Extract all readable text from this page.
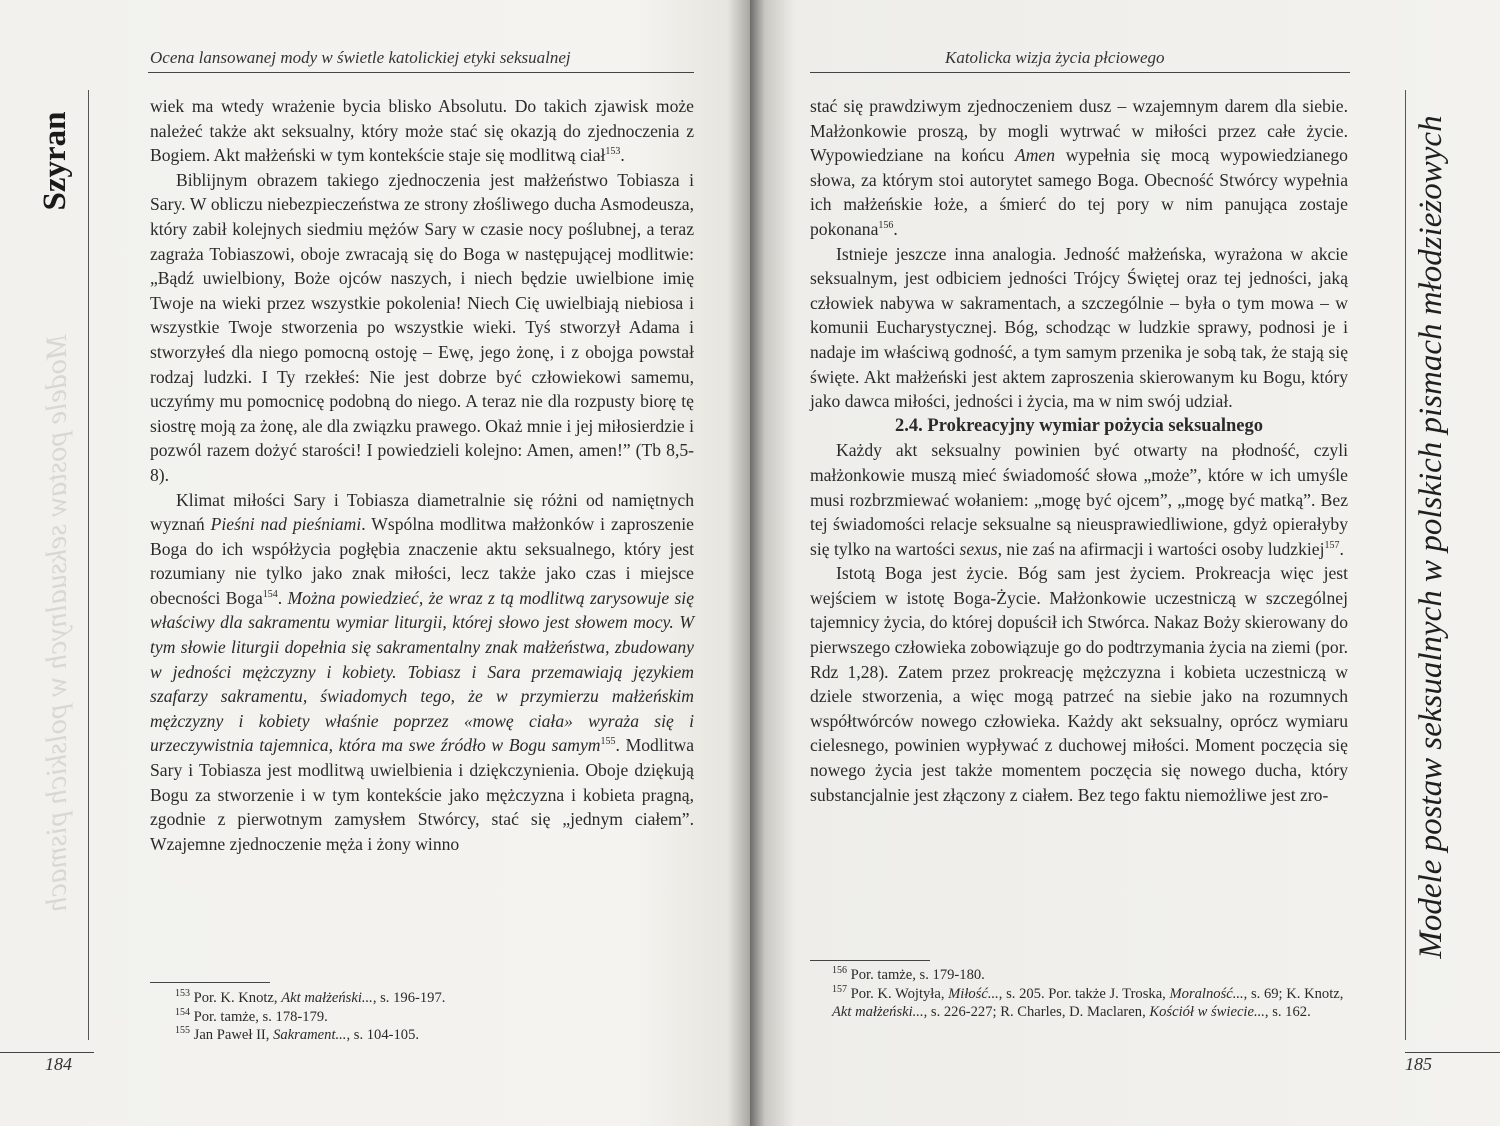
Ocena lansowanej mody w świetle katolickiej etyki seksualnej
Szyran
Modele postaw seksualnych w polskich pismach

wiek ma wtedy wrażenie bycia blisko Absolutu. Do takich zjawisk może należeć także akt seksualny, który może stać się okazją do zjednoczenia z Bogiem. Akt małżeński w tym kontekście staje się modlitwą ciał$^{153}$.

Biblijnym obrazem takiego zjednoczenia jest małżeństwo Tobiasza i Sary. W obliczu niebezpieczeństwa ze strony złośliwego ducha Asmodeusza, który zabił kolejnych siedmiu mężów Sary w czasie nocy poślubnej, a teraz zagraża Tobiaszowi, oboje zwracają się do Boga w następującej modlitwie: „Bądź uwielbiony, Boże ojców naszych, i niech będzie uwielbione imię Twoje na wieki przez wszystkie pokolenia! Niech Cię uwielbiają niebiosa i wszystkie Twoje stworzenia po wszystkie wieki. Tyś stworzył Adama i stworzyłeś dla niego pomocną ostoję – Ewę, jego żonę, i z obojga powstał rodzaj ludzki. I Ty rzekłeś: Nie jest dobrze być człowiekowi samemu, uczyńmy mu pomocnicę podobną do niego. A teraz nie dla rozpusty biorę tę siostrę moją za żonę, ale dla związku prawego. Okaż mnie i jej miłosierdzie i pozwól razem dożyć starości! I powiedzieli kolejno: Amen, amen!” (Tb 8,5-8).

Klimat miłości Sary i Tobiasza diametralnie się różni od namiętnych wyznań Pieśni nad pieśniami. Wspólna modlitwa małżonków i zaproszenie Boga do ich współżycia pogłębia znaczenie aktu seksualnego, który jest rozumiany nie tylko jako znak miłości, lecz także jako czas i miejsce obecności Boga$^{154}$. Można powiedzieć, że wraz z tą modlitwą zarysowuje się właściwy dla sakramentu wymiar liturgii, której słowo jest słowem mocy. W tym słowie liturgii dopełnia się sakramentalny znak małżeństwa, zbudowany w jedności mężczyzny i kobiety. Tobiasz i Sara przemawiają językiem szafarzy sakramentu, świadomych tego, że w przymierzu małżeńskim mężczyzny i kobiety właśnie poprzez «mowę ciała» wyraża się i urzeczywistnia tajemnica, która ma swe źródło w Bogu samym$^{155}$. Modlitwa Sary i Tobiasza jest modlitwą uwielbienia i dziękczynienia. Oboje dziękują Bogu za stworzenie i w tym kontekście jako mężczyzna i kobieta pragną, zgodnie z pierwotnym zamysłem Stwórcy, stać się „jednym ciałem”. Wzajemne zjednoczenie męża i żony winno

$^{153}$ Por. K. Knotz, Akt małżeński..., s. 196-197.
$^{154}$ Por. tamże, s. 178-179.
$^{155}$ Jan Paweł II, Sakrament..., s. 104-105.
184
Katolicka wizja życia płciowego
Modele postaw seksualnych w polskich pismach młodzieżowych

stać się prawdziwym zjednoczeniem dusz – wzajemnym darem dla siebie. Małżonkowie proszą, by mogli wytrwać w miłości przez całe życie. Wypowiedziane na końcu Amen wypełnia się mocą wypowiedzianego słowa, za którym stoi autorytet samego Boga. Obecność Stwórcy wypełnia ich małżeńskie łoże, a śmierć do tej pory w nim panująca zostaje pokonana$^{156}$.

Istnieje jeszcze inna analogia. Jedność małżeńska, wyrażona w akcie seksualnym, jest odbiciem jedności Trójcy Świętej oraz tej jedności, jaką człowiek nabywa w sakramentach, a szczególnie – była o tym mowa – w komunii Eucharystycznej. Bóg, schodząc w ludzkie sprawy, podnosi je i nadaje im właściwą godność, a tym samym przenika je sobą tak, że stają się święte. Akt małżeński jest aktem zaproszenia skierowanym ku Bogu, który jako dawca miłości, jedności i życia, ma w nim swój udział.

2.4. Prokreacyjny wymiar pożycia seksualnego

Każdy akt seksualny powinien być otwarty na płodność, czyli małżonkowie muszą mieć świadomość słowa „może”, które w ich umyśle musi rozbrzmiewać wołaniem: „mogę być ojcem”, „mogę być matką”. Bez tej świadomości relacje seksualne są nieusprawiedliwione, gdyż opierałyby się tylko na wartości sexus, nie zaś na afirmacji i wartości osoby ludzkiej$^{157}$.

Istotą Boga jest życie. Bóg sam jest życiem. Prokreacja więc jest wejściem w istotę Boga-Życie. Małżonkowie uczestniczą w szczególnej tajemnicy życia, do której dopuścił ich Stwórca. Nakaz Boży skierowany do pierwszego człowieka zobowiązuje go do podtrzymania życia na ziemi (por. Rdz 1,28). Zatem przez prokreację mężczyzna i kobieta uczestniczą w dziele stworzenia, a więc mogą patrzeć na siebie jako na rozumnych współtwórców nowego człowieka. Każdy akt seksualny, oprócz wymiaru cielesnego, powinien wypływać z duchowej miłości. Moment poczęcia się nowego życia jest także momentem poczęcia się nowego ducha, który substancjalnie jest złączony z ciałem. Bez tego faktu niemożliwe jest zro-

$^{156}$ Por. tamże, s. 179-180.
$^{157}$ Por. K. Wojtyła, Miłość..., s. 205. Por. także J. Troska, Moralność..., s. 69; K. Knotz, Akt małżeński..., s. 226-227; R. Charles, D. Maclaren, Kościół w świecie..., s. 162.
185
